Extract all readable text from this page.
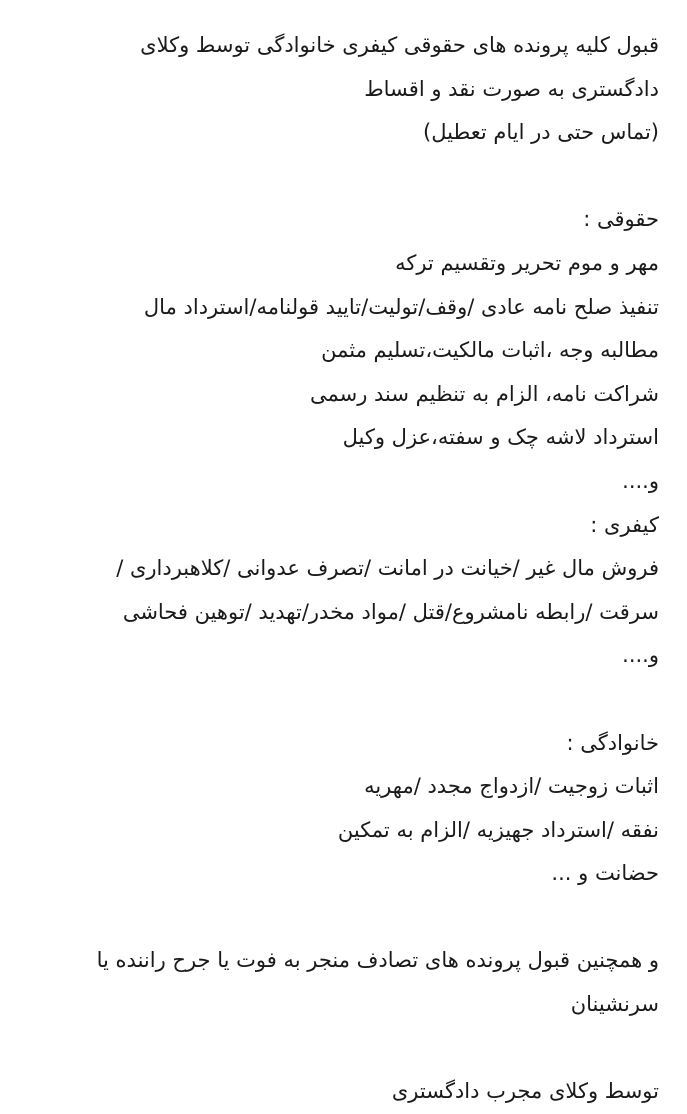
قبول کلیه پرونده های حقوقی کیفری خانوادگی توسط وکلای
دادگستری به صورت نقد و اقساط
(تماس حتی در ایام تعطیل)
حقوقی :
مهر و موم تحریر وتقسیم ترکه
تنفیذ صلح نامه عادی /وقف/تولیت/تایید قولنامه/استرداد مال
مطالبه وجه ،اثبات مالکیت،تسلیم مثمن
شراکت نامه، الزام به تنظیم سند رسمی
استرداد لاشه چک و سفته،عزل وکیل
و....
کیفری :
فروش مال غیر /خیانت در امانت /تصرف عدوانی /کلاهبرداری /
سرقت /رابطه نامشروع/قتل /مواد مخدر/تهدید /توهین فحاشی
و....
خانوادگی :
اثبات زوجیت /ازدواج مجدد /مهریه
نفقه /استرداد جهیزیه /الزام به تمکین
حضانت و ...
و همچنین قبول پرونده های تصادف منجر به فوت یا جرح راننده یا
سرنشینان
توسط وکلای مجرب دادگستری
